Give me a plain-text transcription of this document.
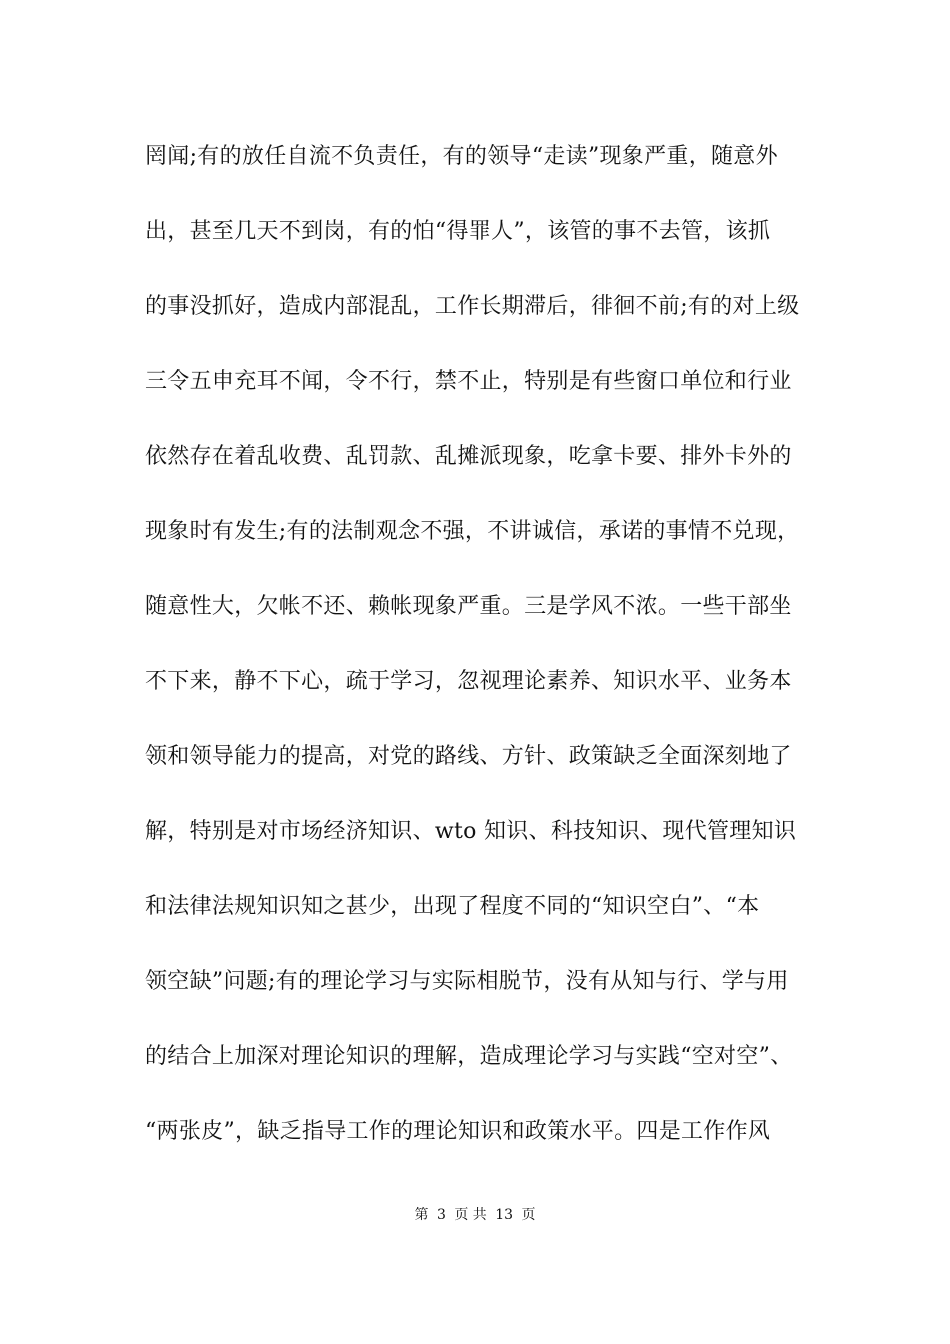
罔闻;有的放任自流不负责任，有的领导“走读”现象严重，随意外
出，甚至几天不到岗，有的怕“得罪人”，该管的事不去管，该抓
的事没抓好，造成内部混乱，工作长期滞后，徘徊不前;有的对上级
三令五申充耳不闻，令不行，禁不止，特别是有些窗口单位和行业
依然存在着乱收费、乱罚款、乱摊派现象，吃拿卡要、排外卡外的
现象时有发生;有的法制观念不强，不讲诚信，承诺的事情不兑现，
随意性大，欠帐不还、赖帐现象严重。三是学风不浓。一些干部坐
不下来，静不下心，疏于学习，忽视理论素养、知识水平、业务本
领和领导能力的提高，对党的路线、方针、政策缺乏全面深刻地了
解，特别是对市场经济知识、wto 知识、科技知识、现代管理知识
和法律法规知识知之甚少，出现了程度不同的“知识空白”、“本
领空缺”问题;有的理论学习与实际相脱节，没有从知与行、学与用
的结合上加深对理论知识的理解，造成理论学习与实践“空对空”、
“两张皮”，缺乏指导工作的理论知识和政策水平。四是工作作风
第 3 页 共 13 页
